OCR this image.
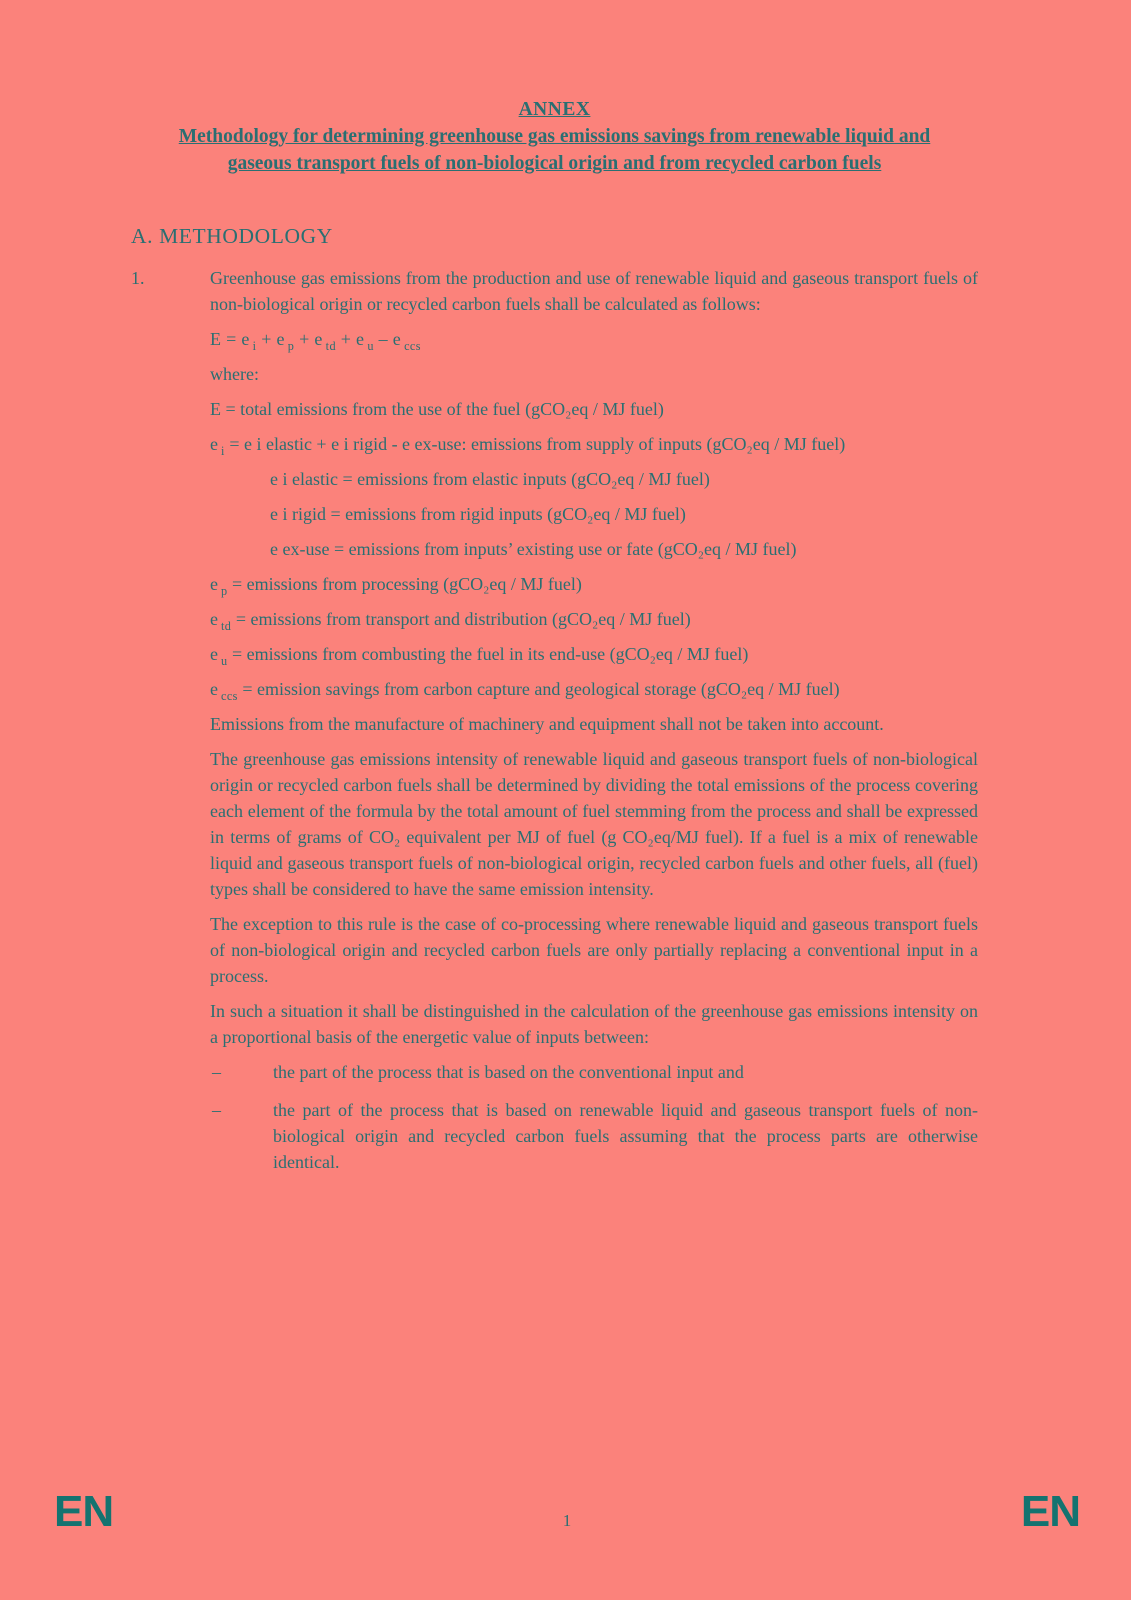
ANNEX
Methodology for determining greenhouse gas emissions savings from renewable liquid and gaseous transport fuels of non-biological origin and from recycled carbon fuels
A. METHODOLOGY
1.	Greenhouse gas emissions from the production and use of renewable liquid and gaseous transport fuels of non-biological origin or recycled carbon fuels shall be calculated as follows:

E = e $_i$ + e $_p$ + e $_{td}$ + e $_u$ – e $_{ccs}$

where:

E = total emissions from the use of the fuel (gCO₂eq / MJ fuel)

e $_i$ = e i elastic + e i rigid - e ex-use: emissions from supply of inputs (gCO₂eq / MJ fuel)

e i elastic = emissions from elastic inputs (gCO₂eq / MJ fuel)

e i rigid = emissions from rigid inputs (gCO₂eq / MJ fuel)

e ex-use = emissions from inputs’ existing use or fate (gCO₂eq / MJ fuel)

e $_p$ = emissions from processing (gCO₂eq / MJ fuel)

e $_{td}$ = emissions from transport and distribution (gCO₂eq / MJ fuel)

e $_u$ = emissions from combusting the fuel in its end-use (gCO₂eq / MJ fuel)

e $_{ccs}$ = emission savings from carbon capture and geological storage (gCO₂eq / MJ fuel)

Emissions from the manufacture of machinery and equipment shall not be taken into account.

The greenhouse gas emissions intensity of renewable liquid and gaseous transport fuels of non-biological origin or recycled carbon fuels shall be determined by dividing the total emissions of the process covering each element of the formula by the total amount of fuel stemming from the process and shall be expressed in terms of grams of CO₂ equivalent per MJ of fuel (g CO₂eq/MJ fuel). If a fuel is a mix of renewable liquid and gaseous transport fuels of non-biological origin, recycled carbon fuels and other fuels, all (fuel) types shall be considered to have the same emission intensity.

The exception to this rule is the case of co-processing where renewable liquid and gaseous transport fuels of non-biological origin and recycled carbon fuels are only partially replacing a conventional input in a process.

In such a situation it shall be distinguished in the calculation of the greenhouse gas emissions intensity on a proportional basis of the energetic value of inputs between:

–	the part of the process that is based on the conventional input and
–	the part of the process that is based on renewable liquid and gaseous transport fuels of non-biological origin and recycled carbon fuels assuming that the process parts are otherwise identical.
EN	1	EN
